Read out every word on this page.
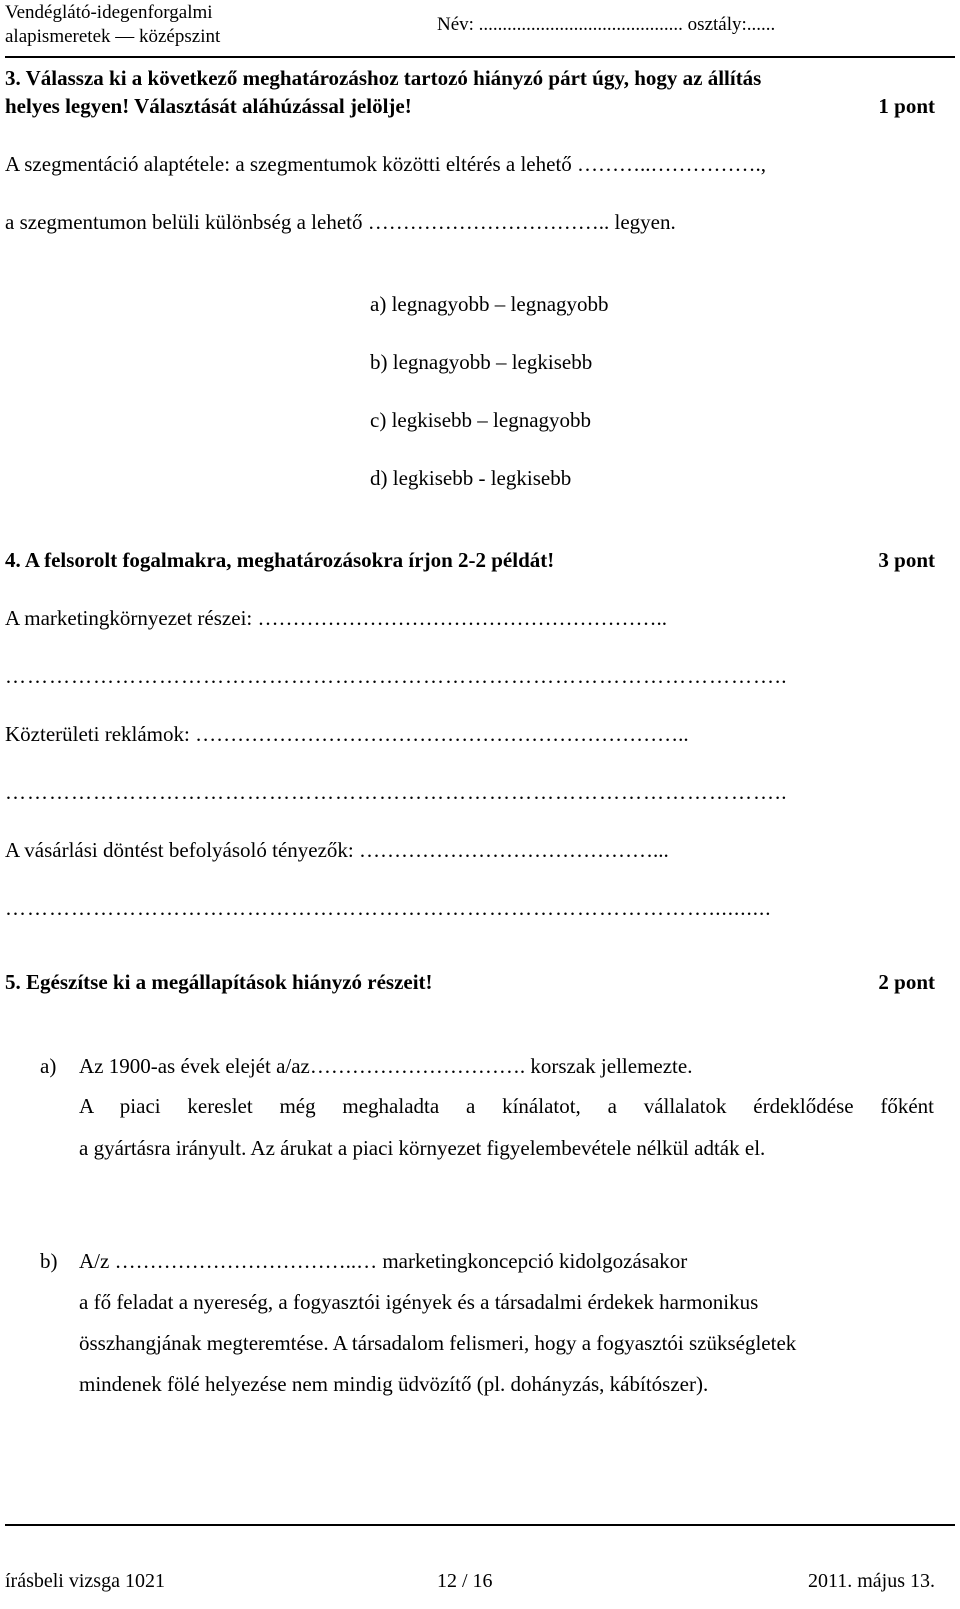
Vendéglátó-idegenforgalmi
alapismeretek — középszint
Név: ........................................... osztály:......
3. Válassza ki a következő meghatározáshoz tartozó hiányzó párt úgy, hogy az állítás
helyes legyen! Választását aláhúzással jelölje!	1 pont
A szegmentáció alaptétele: a szegmentumok közötti eltérés a lehető ………..…………….,
a szegmentumon belüli különbség a lehető …………………………….. legyen.
a) legnagyobb – legnagyobb
b) legnagyobb – legkisebb
c) legkisebb – legnagyobb
d) legkisebb - legkisebb
4. A felsorolt fogalmakra, meghatározásokra írjon 2-2 példát!	3 pont
A marketingkörnyezet részei: …………………………………………………..
……………………………………………………………………………………………..
Közterületi reklámok: ……………………………………………………………..
……………………………………………………………………………………………..
A vásárlási döntést befolyásoló tényezők: ……………………………………...
……………………………………………………………………………………..........
5. Egészítse ki a megállapítások hiányzó részeit!	2 pont
a) Az 1900-as évek elejét a/az…………………………. korszak jellemezte.
A piaci kereslet még meghaladta a kínálatot, a vállalatok érdeklődése főként
a gyártásra irányult. Az árukat a piaci környezet figyelembevétele nélkül adták el.
b) A/z ……………………………..… marketingkoncepció kidolgozásakor
a fő feladat a nyereség, a fogyasztói igények és a társadalmi érdekek harmonikus
összhangjának megteremtése. A társadalom felismeri, hogy a fogyasztói szükségletek
mindenek fölé helyezése nem mindig üdvözítő (pl. dohányzás, kábítószer).
írásbeli vizsga 1021	12 / 16	2011. május 13.
